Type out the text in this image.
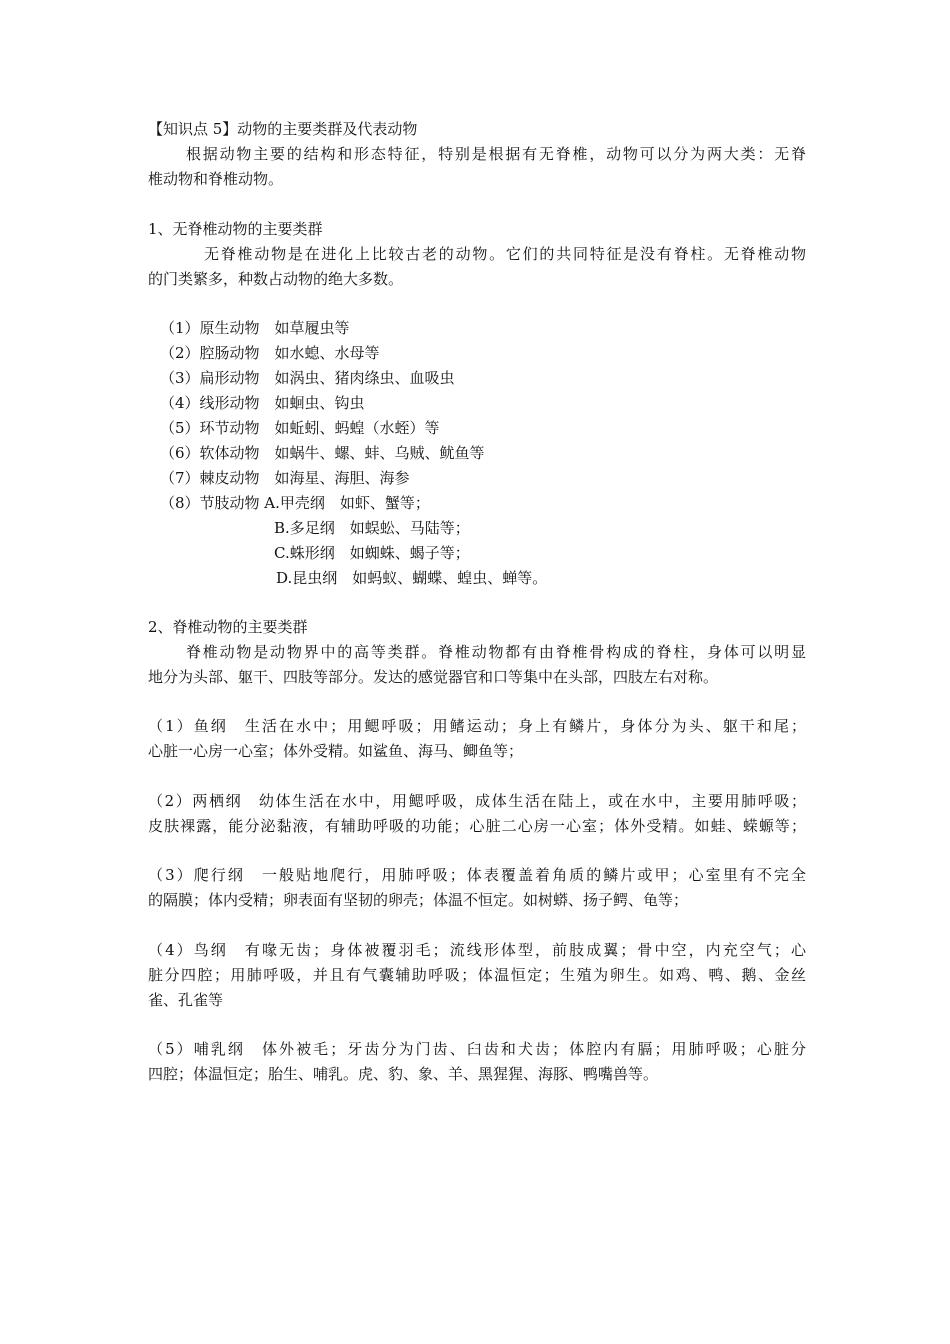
【知识点 5】动物的主要类群及代表动物
根据动物主要的结构和形态特征，特别是根据有无脊椎，动物可以分为两大类：无脊
椎动物和脊椎动物。
1、无脊椎动物的主要类群
无脊椎动物是在进化上比较古老的动物。它们的共同特征是没有脊柱。无脊椎动物
的门类繁多，种数占动物的绝大多数。
（1）原生动物　如草履虫等
（2）腔肠动物　如水螅、水母等
（3）扁形动物　如涡虫、猪肉绦虫、血吸虫
（4）线形动物　如蛔虫、钩虫
（5）环节动物　如蚯蚓、蚂蝗（水蛭）等
（6）软体动物　如蜗牛、螺、蚌、乌贼、鱿鱼等
（7）棘皮动物　如海星、海胆、海参
（8）节肢动物 A.甲壳纲　如虾、蟹等；
B.多足纲　如蜈蚣、马陆等；
C.蛛形纲　如蜘蛛、蝎子等；
D.昆虫纲　如蚂蚁、蝴蝶、蝗虫、蝉等。
2、脊椎动物的主要类群
脊椎动物是动物界中的高等类群。脊椎动物都有由脊椎骨构成的脊柱，身体可以明显
地分为头部、躯干、四肢等部分。发达的感觉器官和口等集中在头部，四肢左右对称。
（1）鱼纲　生活在水中；用鳃呼吸；用鳍运动；身上有鳞片，身体分为头、躯干和尾；
心脏一心房一心室；体外受精。如鲨鱼、海马、鲫鱼等；
（2）两栖纲　幼体生活在水中，用鳃呼吸，成体生活在陆上，或在水中，主要用肺呼吸；
皮肤裸露，能分泌黏液，有辅助呼吸的功能；心脏二心房一心室；体外受精。如蛙、蝾螈等；
（3）爬行纲　一般贴地爬行，用肺呼吸；体表覆盖着角质的鳞片或甲；心室里有不完全
的隔膜；体内受精；卵表面有坚韧的卵壳；体温不恒定。如树蟒、扬子鳄、龟等；
（4）鸟纲　有喙无齿；身体被覆羽毛；流线形体型，前肢成翼；骨中空，内充空气；心
脏分四腔；用肺呼吸，并且有气囊辅助呼吸；体温恒定；生殖为卵生。如鸡、鸭、鹅、金丝
雀、孔雀等
（5）哺乳纲　体外被毛；牙齿分为门齿、臼齿和犬齿；体腔内有膈；用肺呼吸；心脏分
四腔；体温恒定；胎生、哺乳。虎、豹、象、羊、黑猩猩、海豚、鸭嘴兽等。
